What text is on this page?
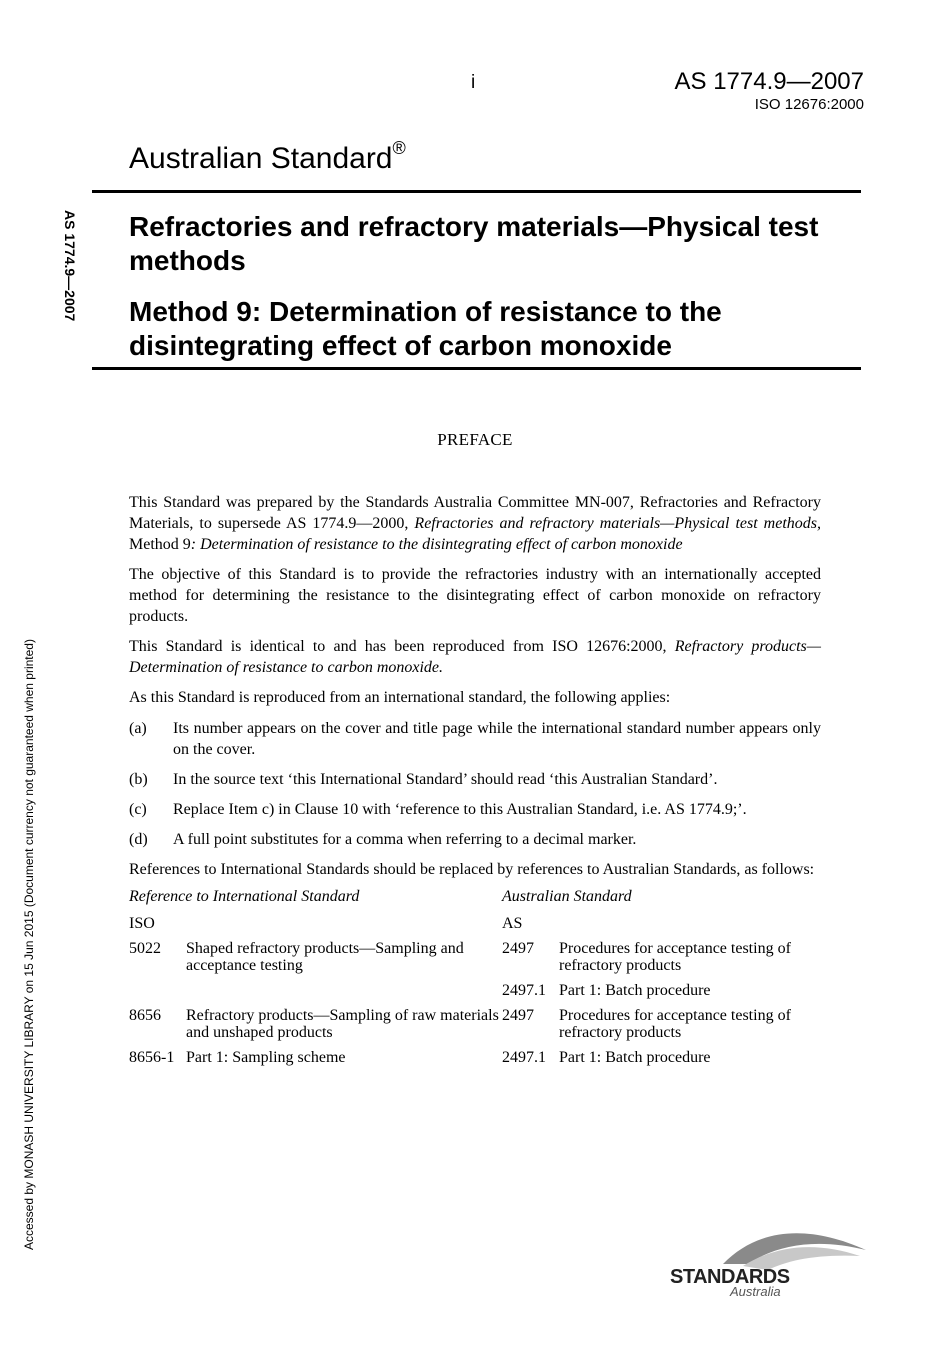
i	AS 1774.9—2007
ISO 12676:2000
Australian Standard®
AS 1774.9—2007 Refractories and refractory materials—Physical test methods
Method 9: Determination of resistance to the disintegrating effect of carbon monoxide
PREFACE

This Standard was prepared by the Standards Australia Committee MN-007, Refractories and Refractory Materials, to supersede AS 1774.9—2000, Refractories and refractory materials—Physical test methods, Method 9: Determination of resistance to the disintegrating effect of carbon monoxide

The objective of this Standard is to provide the refractories industry with an internationally accepted method for determining the resistance to the disintegrating effect of carbon monoxide on refractory products.

This Standard is identical to and has been reproduced from ISO 12676:2000, Refractory products—Determination of resistance to carbon monoxide.

As this Standard is reproduced from an international standard, the following applies:

(a)	Its number appears on the cover and title page while the international standard number appears only on the cover.
(b)	In the source text ‘this International Standard’ should read ‘this Australian Standard’.
(c)	Replace Item c) in Clause 10 with ‘reference to this Australian Standard, i.e. AS 1774.9;’.
(d)	A full point substitutes for a comma when referring to a decimal marker.

References to International Standards should be replaced by references to Australian Standards, as follows:

Reference to International Standard		Australian Standard	
ISO		AS	
5022	Shaped refractory products—Sampling and acceptance testing	2497	Procedures for acceptance testing of refractory products
		2497.1	Part 1: Batch procedure
8656	Refractory products—Sampling of raw materials and unshaped products	2497	Procedures for acceptance testing of refractory products
8656-1	Part 1: Sampling scheme	2497.1	Part 1: Batch procedure
Accessed by MONASH UNIVERSITY LIBRARY on 15 Jun 2015 (Document currency not guaranteed when printed)
STANDARDS
Australia
